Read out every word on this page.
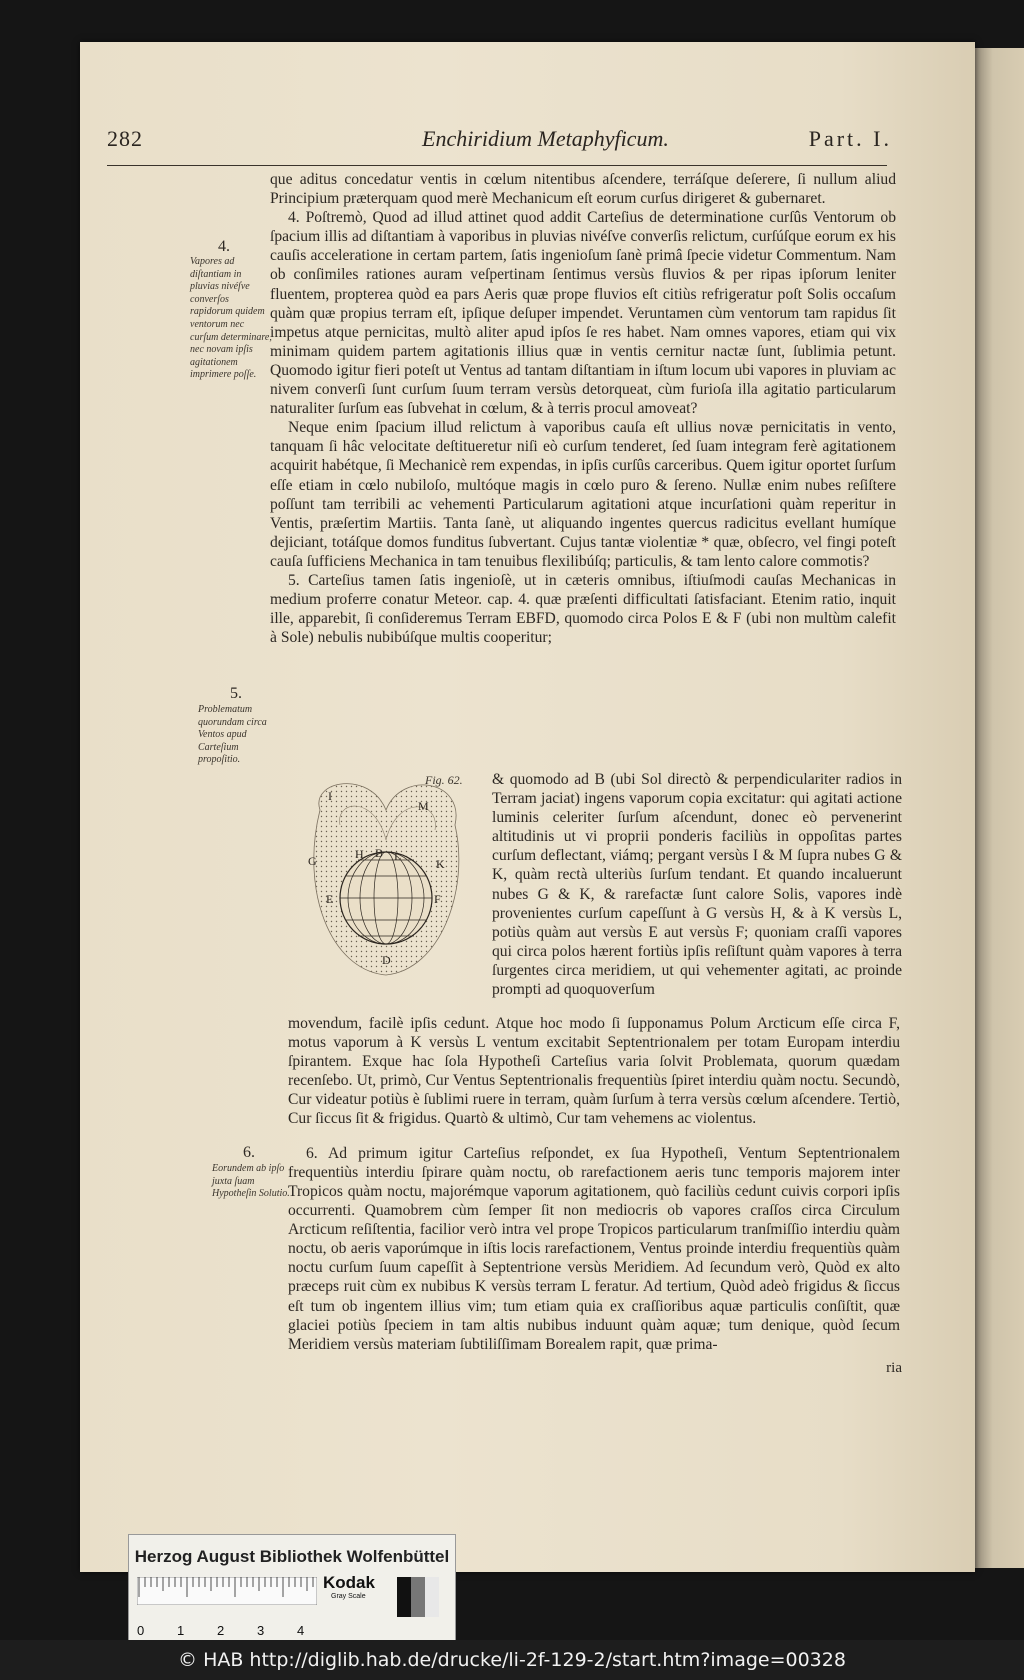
282	Enchiridium Metaphyficum.	Part. I.

que aditus concedatur ventis in cœlum nitentibus aſcendere, terráſque deſerere, ſi nullum aliud Principium præterquam quod merè Mechanicum eſt eorum curſus dirigeret & gubernaret.

4. Poſtremò, Quod ad illud attinet quod addit Carteſius de determinatione curſûs Ventorum ob ſpacium illis ad diſtantiam à vaporibus in pluvias nivéſve converſis relictum, curſúſque eorum ex his cauſis acceleratione in certam partem, ſatis ingenioſum ſanè primâ ſpecie videtur Commentum. Nam ob conſimiles rationes auram veſpertinam ſentimus versùs fluvios & per ripas ipſorum leniter fluentem, propterea quòd ea pars Aeris quæ prope fluvios eſt citiùs refrigeratur poſt Solis occaſum quàm quæ propius terram eſt, ipſique deſuper impendet. Veruntamen cùm ventorum tam rapidus ſit impetus atque pernicitas, multò aliter apud ipſos ſe res habet. Nam omnes vapores, etiam qui vix minimam quidem partem agitationis illius quæ in ventis cernitur nactæ ſunt, ſublimia petunt. Quomodo igitur fieri poteſt ut Ventus ad tantam diſtantiam in iſtum locum ubi vapores in pluviam ac nivem converſi ſunt curſum ſuum terram versùs detorqueat, cùm furioſa illa agitatio particularum naturaliter ſurſum eas ſubvehat in cœlum, & à terris procul amoveat?

Neque enim ſpacium illud relictum à vaporibus cauſa eſt ullius novæ pernicitatis in vento, tanquam ſi hâc velocitate deſtitueretur niſi eò curſum tenderet, ſed ſuam integram ferè agitationem acquirit habétque, ſi Mechanicè rem expendas, in ipſis curſûs carceribus. Quem igitur oportet ſurſum eſſe etiam in cœlo nubiloſo, multóque magis in cœlo puro & ſereno. Nullæ enim nubes reſiſtere poſſunt tam terribili ac vehementi Particularum agitationi atque incurſationi quàm reperitur in Ventis, præſertim Martiis. Tanta ſanè, ut aliquando ingentes quercus radicitus evellant humíque dejiciant, totáſque domos funditus ſubvertant. Cujus tantæ violentiæ * quæ, obſecro, vel fingi poteſt cauſa ſufficiens Mechanica in tam tenuibus flexilibúſq; particulis, & tam lento calore commotis?

5. Carteſius tamen ſatis ingenioſè, ut in cæteris omnibus, iſtiuſmodi cauſas Mechanicas in medium proferre conatur Meteor. cap. 4. quæ præſenti difficultati ſatisfaciant. Etenim ratio, inquit ille, apparebit, ſi conſideremus Terram EBFD, quomodo circa Polos E & F (ubi non multùm calefit à Sole) nebulis nubibúſque multis cooperitur;

4.
Vapores ad diſtantiam in pluvias nivéſve converſos rapidorum quidem ventorum nec curſum determinare, nec novam ipſis agitationem imprimere poſſe.
5.
Problematum quorundam circa Ventos apud Carteſium propoſitio.
6.
Eorundem ab ipſo juxta ſuam Hypotheſin Solutio.
Fig. 62.
I
M
G	H B L
K
E	F
D
& quomodo ad B (ubi Sol directò & perpendiculariter radios in Terram jaciat) ingens vaporum copia excitatur: qui agitati actione luminis celeriter ſurſum aſcendunt, donec eò pervenerint altitudinis ut vi proprii ponderis faciliùs in oppoſitas partes curſum deflectant, viámq; pergant versùs I & M ſupra nubes G & K, quàm rectà ulteriùs ſurſum tendant. Et quando incaluerunt nubes G & K, & rarefactæ ſunt calore Solis, vapores indè provenientes curſum capeſſunt à G versùs H, & à K versùs L, potiùs quàm aut versùs E aut versùs F; quoniam craſſi vapores qui circa polos hærent fortiùs ipſis reſiſtunt quàm vapores à terra ſurgentes circa meridiem, ut qui vehementer agitati, ac proinde prompti ad quoquoverſum

movendum, facilè ipſis cedunt. Atque hoc modo ſi ſupponamus Polum Arcticum eſſe circa F, motus vaporum à K versùs L ventum excitabit Septentrionalem per totam Europam interdiu ſpirantem. Exque hac ſola Hypotheſi Carteſius varia ſolvit Problemata, quorum quædam recenſebo. Ut, primò, Cur Ventus Septentrionalis frequentiùs ſpiret interdiu quàm noctu. Secundò, Cur videatur potiùs è ſublimi ruere in terram, quàm ſurſum à terra versùs cœlum aſcendere. Tertiò, Cur ſiccus ſit & frigidus. Quartò & ultimò, Cur tam vehemens ac violentus.

6. Ad primum igitur Carteſius reſpondet, ex ſua Hypotheſi, Ventum Septentrionalem frequentiùs interdiu ſpirare quàm noctu, ob rarefactionem aeris tunc temporis majorem inter Tropicos quàm noctu, majorémque vaporum agitationem, quò faciliùs cedunt cuivis corpori ipſis occurrenti. Quamobrem cùm ſemper ſit non mediocris ob vapores craſſos circa Circulum Arcticum reſiſtentia, facilior verò intra vel prope Tropicos particularum tranſmiſſio interdiu quàm noctu, ob aeris vaporúmque in iſtis locis rarefactionem, Ventus proinde interdiu frequentiùs quàm noctu curſum ſuum capeſſit à Septentrione versùs Meridiem. Ad ſecundum verò, Quòd ex alto præceps ruit cùm ex nubibus K versùs terram L feratur. Ad tertium, Quòd adeò frigidus & ſiccus eſt tum ob ingentem illius vim; tum etiam quia ex craſſioribus aquæ particulis conſiſtit, quæ glaciei potiùs ſpeciem in tam altis nubibus induunt quàm aquæ; tum denique, quòd ſecum Meridiem versùs materiam ſubtiliſſimam Borealem rapit, quæ prima-

ria
Herzog August Bibliothek Wolfenbüttel
0	1	2	3	4
Kodak
Gray Scale
© HAB http://diglib.hab.de/drucke/li-2f-129-2/start.htm?image=00328
